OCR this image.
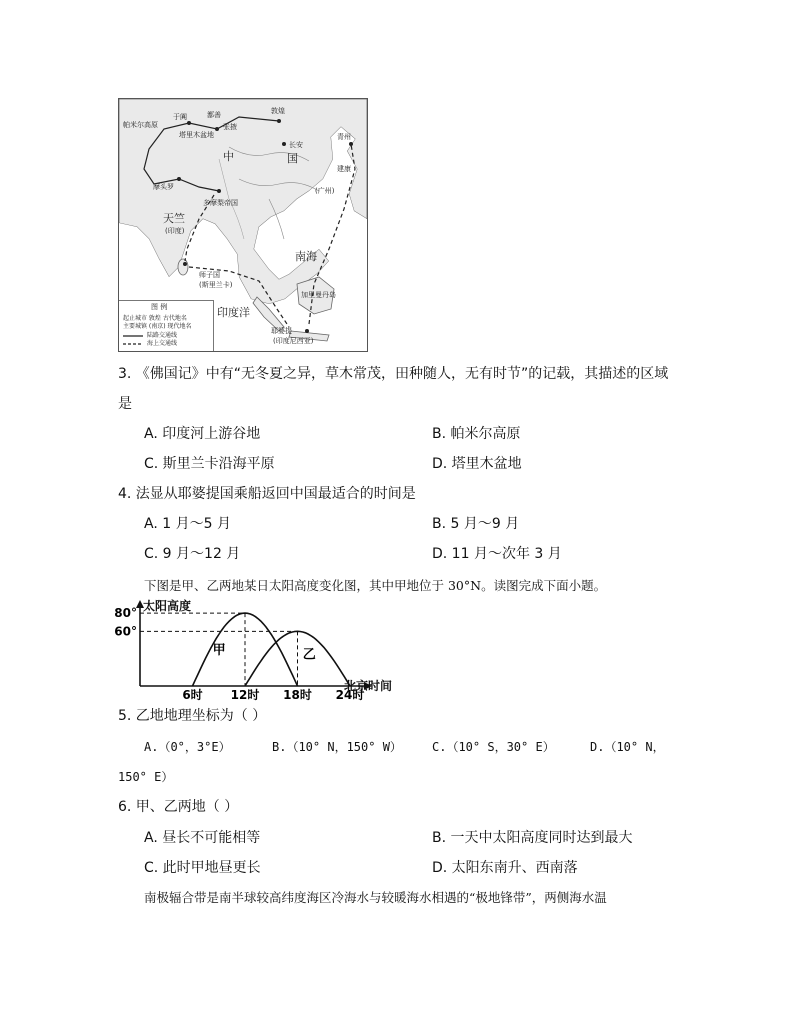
帕米尔高原
于阗	鄯善	敦煌
塔里木盆地
张掖
长安
青州
建康
摩头罗
多摩梨帝国
中	国
天竺
(印度)
师子国
(斯里兰卡)
印度洋
南海
耶婆提
(印度尼西亚)
(广州)
加里曼丹岛
图 例
起止城市 敦煌 古代地名
主要城镇 (南京) 现代地名
陆路交通线
海上交通线
3. 《佛国记》中有“无冬夏之异，草木常茂，田种随人，无有时节”的记载，其描述的区域
是
A. 印度河上游谷地	B. 帕米尔高原
C. 斯里兰卡沿海平原	D. 塔里木盆地
4. 法显从耶婆提国乘船返回中国最适合的时间是
A. 1 月～5 月	B. 5 月～9 月
C. 9 月～12 月	D. 11 月～次年 3 月
下图是甲、乙两地某日太阳高度变化图，其中甲地位于 30°N。读图完成下面小题。
80°
60°
6时 12时 18时 24时
甲	乙
太阳高度
北京时间
5. 乙地地理坐标为（ ）
A.（0°，3°E）	B.（10° N，150° W）	C.（10° S，30° E）	D.（10° N，
150° E）
6. 甲、乙两地（ ）
A. 昼长不可能相等	B. 一天中太阳高度同时达到最大
C. 此时甲地昼更长	D. 太阳东南升、西南落
南极辐合带是南半球较高纬度海区冷海水与较暖海水相遇的“极地锋带”，两侧海水温
